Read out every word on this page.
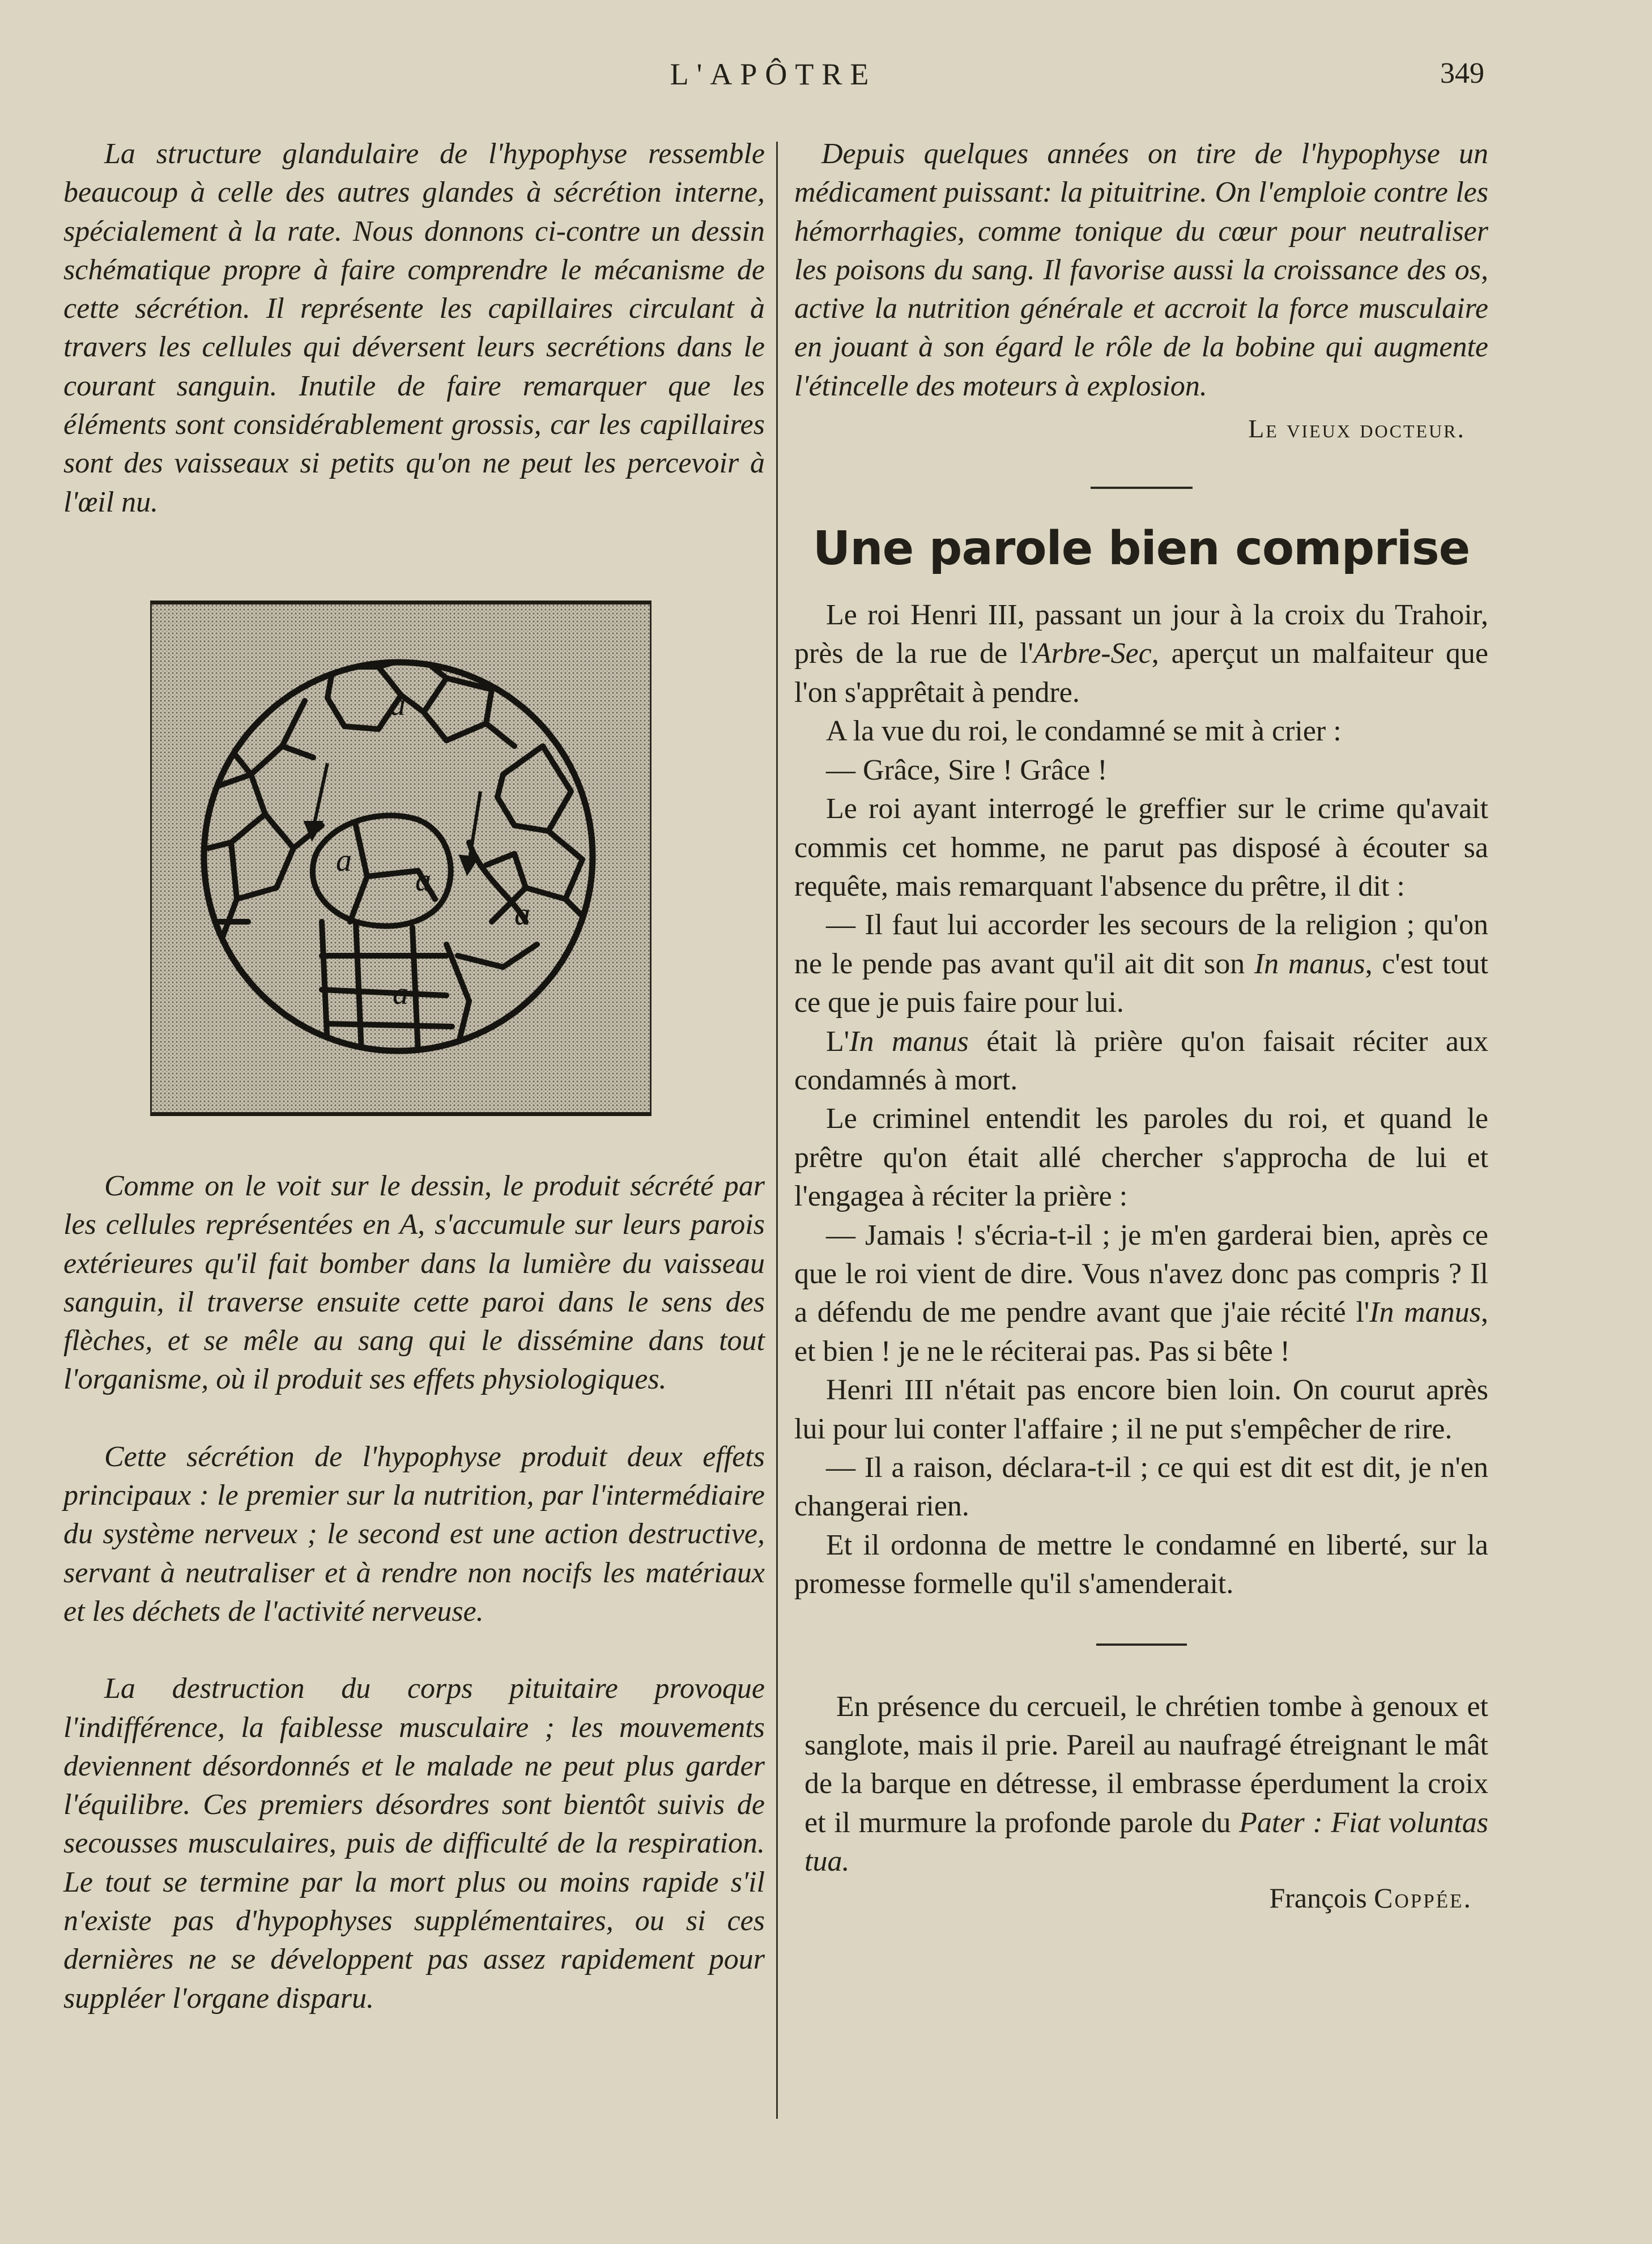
L'APÔTRE	349

La structure glandulaire de l'hypophyse ressemble beaucoup à celle des autres glandes à sécrétion interne, spécialement à la rate. Nous donnons ci-contre un dessin schématique propre à faire comprendre le mécanisme de cette sécrétion. Il représente les capillaires circulant à travers les cellules qui déversent leurs secrétions dans le courant sanguin. Inutile de faire remarquer que les éléments sont considérablement grossis, car les capillaires sont des vaisseaux si petits qu'on ne peut les percevoir à l'œil nu.

a
a
a
a
a

Comme on le voit sur le dessin, le produit sécrété par les cellules représentées en A, s'accumule sur leurs parois extérieures qu'il fait bomber dans la lumière du vaisseau sanguin, il traverse ensuite cette paroi dans le sens des flèches, et se mêle au sang qui le dissémine dans tout l'organisme, où il produit ses effets physiologiques.

Cette sécrétion de l'hypophyse produit deux effets principaux : le premier sur la nutrition, par l'intermédiaire du système nerveux ; le second est une action destructive, servant à neutraliser et à rendre non nocifs les matériaux et les déchets de l'activité nerveuse.

La destruction du corps pituitaire provoque l'indifférence, la faiblesse musculaire ; les mouvements deviennent désordonnés et le malade ne peut plus garder l'équilibre. Ces premiers désordres sont bientôt suivis de secousses musculaires, puis de difficulté de la respiration. Le tout se termine par la mort plus ou moins rapide s'il n'existe pas d'hypophyses supplémentaires, ou si ces dernières ne se développent pas assez rapidement pour suppléer l'organe disparu.

Depuis quelques années on tire de l'hypophyse un médicament puissant: la pituitrine. On l'emploie contre les hémorrhagies, comme tonique du cœur pour neutraliser les poisons du sang. Il favorise aussi la croissance des os, active la nutrition générale et accroit la force musculaire en jouant à son égard le rôle de la bobine qui augmente l'étincelle des moteurs à explosion.

Le vieux docteur.
Une parole bien comprise

Le roi Henri III, passant un jour à la croix du Trahoir, près de la rue de l'Arbre-Sec, aperçut un malfaiteur que l'on s'apprêtait à pendre.

A la vue du roi, le condamné se mit à crier :

— Grâce, Sire ! Grâce !

Le roi ayant interrogé le greffier sur le crime qu'avait commis cet homme, ne parut pas disposé à écouter sa requête, mais remarquant l'absence du prêtre, il dit :

— Il faut lui accorder les secours de la religion ; qu'on ne le pende pas avant qu'il ait dit son In manus, c'est tout ce que je puis faire pour lui.

L'In manus était là prière qu'on faisait réciter aux condamnés à mort.

Le criminel entendit les paroles du roi, et quand le prêtre qu'on était allé chercher s'approcha de lui et l'engagea à réciter la prière :

— Jamais ! s'écria-t-il ; je m'en garderai bien, après ce que le roi vient de dire. Vous n'avez donc pas compris ? Il a défendu de me pendre avant que j'aie récité l'In manus, et bien ! je ne le réciterai pas. Pas si bête !

Henri III n'était pas encore bien loin. On courut après lui pour lui conter l'affaire ; il ne put s'empêcher de rire.

— Il a raison, déclara-t-il ; ce qui est dit est dit, je n'en changerai rien.

Et il ordonna de mettre le condamné en liberté, sur la promesse formelle qu'il s'amenderait.

En présence du cercueil, le chrétien tombe à genoux et sanglote, mais il prie. Pareil au naufragé étreignant le mât de la barque en détresse, il embrasse éperdument la croix et il murmure la profonde parole du Pater : Fiat voluntas tua.

François Coppée.
